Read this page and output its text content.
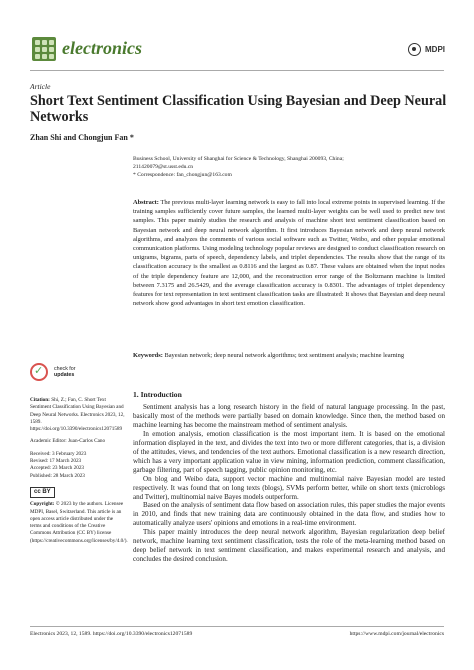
electronics	MDPI
Article
Short Text Sentiment Classification Using Bayesian and Deep Neural Networks
Zhan Shi and Chongjun Fan *
Business School, University of Shanghai for Science & Technology, Shanghai 200093, China;
211420079@st.usst.edu.cn
* Correspondence: fan_chongjun@163.com
Abstract: The previous multi-layer learning network is easy to fall into local extreme points in supervised learning. If the training samples sufficiently cover future samples, the learned multi-layer weights can be well used to predict new test samples. This paper mainly studies the research and analysis of machine short text sentiment classification based on Bayesian network and deep neural network algorithm. It first introduces Bayesian network and deep neural network algorithms, and analyzes the comments of various social software such as Twitter, Weibo, and other popular emotional communication platforms. Using modeling technology popular reviews are designed to conduct classification research on unigrams, bigrams, parts of speech, dependency labels, and triplet dependencies. The results show that the range of its classification accuracy is the smallest as 0.8116 and the largest as 0.87. These values are obtained when the input nodes of the triple dependency feature are 12,000, and the reconstruction error range of the Boltzmann machine is limited between 7.3175 and 26.5429, and the average classification accuracy is 0.8301. The advantages of triplet dependency features for text representation in text sentiment classification tasks are illustrated: It shows that Bayesian and deep neural network show good advantages in short text emotion classification.
Keywords: Bayesian network; deep neural network algorithms; text sentiment analysis; machine learning
✓ check for
updates
Citation: Shi, Z.; Fan, C. Short Text Sentiment Classification Using Bayesian and Deep Neural Networks. Electronics 2023, 12, 1589. https://doi.org/10.3390/electronics12071589
Academic Editor: Juan-Carlos Cano
Received: 3 February 2023
Revised: 17 March 2023
Accepted: 23 March 2023
Published: 28 March 2023
cc BY
Copyright: © 2023 by the authors. Licensee MDPI, Basel, Switzerland. This article is an open access article distributed under the terms and conditions of the Creative Commons Attribution (CC BY) license (https://creativecommons.org/licenses/by/4.0/).
1. Introduction

Sentiment analysis has a long research history in the field of natural language processing. In the past, basically most of the methods were partially based on domain knowledge. Since then, the method based on machine learning has become the mainstream method of sentiment analysis.

In emotion analysis, emotion classification is the most important item. It is based on the emotional information displayed in the text, and divides the text into two or more different categories, that is, a division of the attitudes, views, and tendencies of the text authors. Emotional classification is a new research direction, which has a very important application value in view mining, information prediction, comment classification, garbage filtering, part of speech tagging, public opinion monitoring, etc.

On blog and Weibo data, support vector machine and multinomial naive Bayesian model are tested respectively. It was found that on long texts (blogs), SVMs perform better, while on short texts (microblogs and Twitter), multinomial naive Bayes models outperform.

Based on the analysis of sentiment data flow based on association rules, this paper studies the major events in 2010, and finds that new training data are continuously obtained in the data flow, and studies how to automatically analyze users' opinions and emotions in a real-time environment.

This paper mainly introduces the deep neural network algorithm, Bayesian regularization deep belief network, machine learning text sentiment classification, tests the role of the meta-learning method based on deep belief network in text sentiment classification, and makes experimental research and analysis, and concludes the desired conclusion.

Electronics 2023, 12, 1589. https://doi.org/10.3390/electronics12071589	https://www.mdpi.com/journal/electronics
